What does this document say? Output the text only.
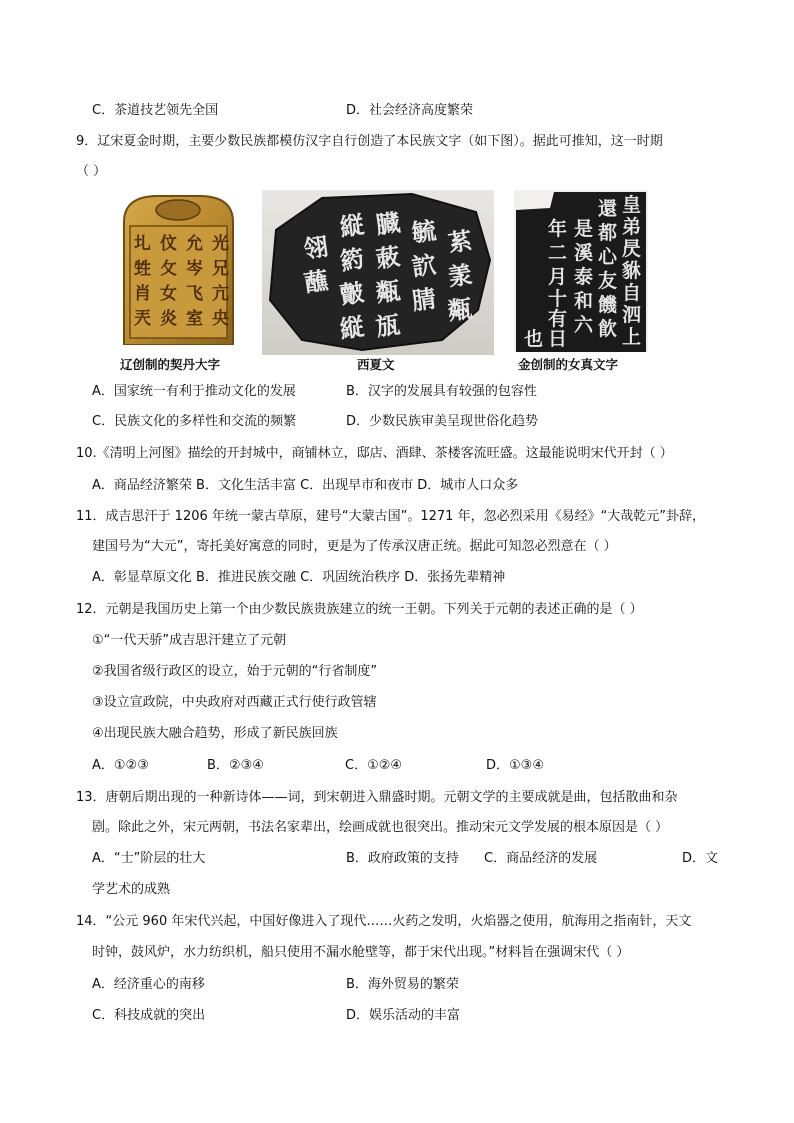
C．茶道技艺领先全国	D．社会经济高度繁荣
9．辽宋夏金时期，主要少数民族都模仿汉字自行创造了本民族文字（如下图）。据此可推知，这一时期
（ ）
光
兄
亢
央
允
岑
飞
室
伩
攵
女
炎
圠
甡
肖
兲
辽创制的契丹大字
䒺
羕
毓
䛎
腈
臓
蓛
甐
瓬
縦
箹
皾
翎
蘸
甐
縦
西夏文
皇
弟
昃
貅
自
泗
上
還
都
心
友
饑
飮
是
溪
泰
和
六
年
二
月
十
有
日
也
金创制的女真文字
A．国家统一有利于推动文化的发展	B．汉字的发展具有较强的包容性
C．民族文化的多样性和交流的频繁	D．少数民族审美呈现世俗化趋势
10.《清明上河图》描绘的开封城中，商铺林立，邸店、酒肆、茶楼客流旺盛。这最能说明宋代开封（ ）
A．商品经济繁荣 B．文化生活丰富 C．出现早市和夜市 D．城市人口众多
11．成吉思汗于 1206 年统一蒙古草原，建号“大蒙古国”。1271 年，忽必烈采用《易经》“大哉乾元”卦辞，
建国号为“大元”，寄托美好寓意的同时，更是为了传承汉唐正统。据此可知忽必烈意在（ ）
A．彰显草原文化 B．推进民族交融 C．巩固统治秩序 D．张扬先辈精神
12．元朝是我国历史上第一个由少数民族贵族建立的统一王朝。下列关于元朝的表述正确的是（ ）
①“一代天骄”成吉思汗建立了元朝
②我国省级行政区的设立，始于元朝的“行省制度”
③设立宣政院，中央政府对西藏正式行使行政管辖
④出现民族大融合趋势，形成了新民族回族
A．①②③	B．②③④	C．①②④	D．①③④
13．唐朝后期出现的一种新诗体——词，到宋朝进入鼎盛时期。元朝文学的主要成就是曲，包括散曲和杂
剧。除此之外，宋元两朝，书法名家辈出，绘画成就也很突出。推动宋元文学发展的根本原因是（ ）
A．“士”阶层的壮大	B．政府政策的支持 C．商品经济的发展	D．文
学艺术的成熟
14．“公元 960 年宋代兴起，中国好像进入了现代……火药之发明，火焰器之使用，航海用之指南针，天文
时钟，鼓风炉，水力纺织机，船只使用不漏水舱壁等，都于宋代出现。”材料旨在强调宋代（ ）
A．经济重心的南移	B．海外贸易的繁荣
C．科技成就的突出	D．娱乐活动的丰富
